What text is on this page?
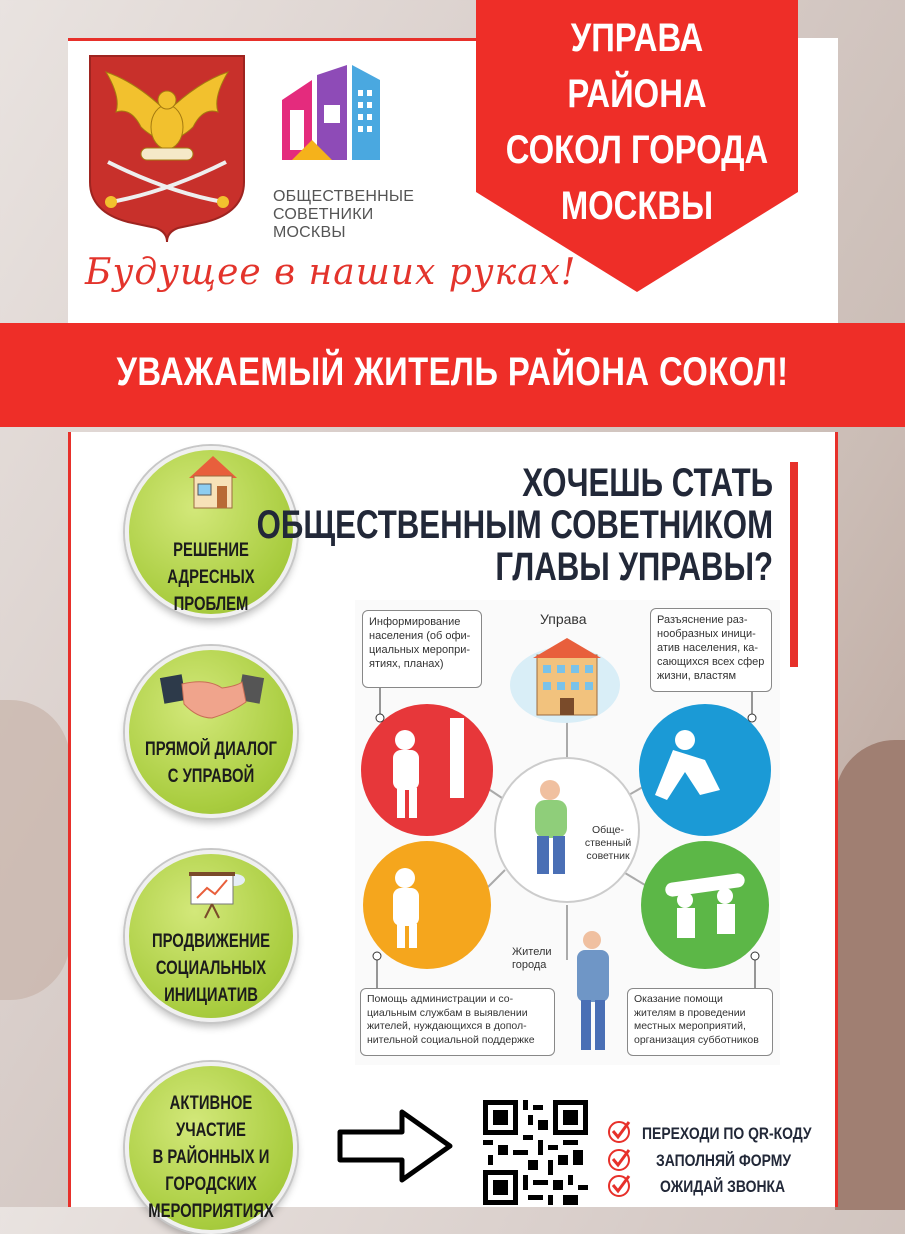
ОБЩЕСТВЕННЫЕ
СОВЕТНИКИ
МОСКВЫ
Будущее в наших руках!
УПРАВА РАЙОНА
СОКОЛ ГОРОДА
МОСКВЫ
УВАЖАЕМЫЙ ЖИТЕЛЬ РАЙОНА СОКОЛ!
РЕШЕНИЕ АДРЕСНЫХ
ПРОБЛЕМ
ПРЯМОЙ ДИАЛОГ
С УПРАВОЙ
ПРОДВИЖЕНИЕ
СОЦИАЛЬНЫХ
ИНИЦИАТИВ
АКТИВНОЕ УЧАСТИЕ
В РАЙОННЫХ И
ГОРОДСКИХ
МЕРОПРИЯТИЯХ
ХОЧЕШЬ СТАТЬ
ОБЩЕСТВЕННЫМ СОВЕТНИКОМ
ГЛАВЫ УПРАВЫ?
Управа
Информирование
населения (об офи-
циальных меропри-
ятиях, планах)
Разъяснение раз-
нообразных иници-
атив населения, ка-
сающихся всех сфер
жизни, властям
Обще-
ственный
советник
Жители
города
Помощь администрации и со-
циальным службам в выявлении
жителей, нуждающихся в допол-
нительной социальной поддержке
Оказание помощи
жителям в проведении
местных мероприятий,
организация субботников
ПЕРЕХОДИ ПО QR-КОДУ
ЗАПОЛНЯЙ ФОРМУ
ОЖИДАЙ ЗВОНКА
